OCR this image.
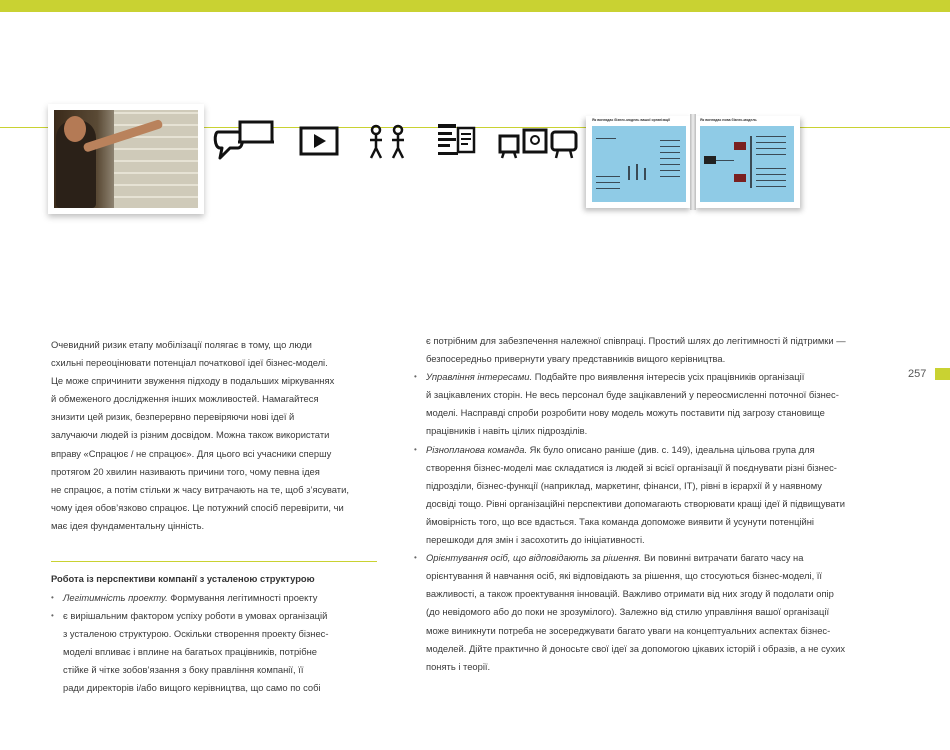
Як виглядає бізнес-модель вашої організації	Як виглядає нова бізнес-модель
257

Очевидний ризик етапу мобілізації полягає в тому, що люди

схильні переоцінювати потенціал початкової ідеї бізнес-моделі.

Це може спричинити звуження підходу в подальших міркуваннях

й обмеженого дослідження інших можливостей. Намагайтеся

знизити цей ризик, безперервно перевіряючи нові ідеї й

залучаючи людей із різним досвідом. Можна також використати

вправу «Спрацює / не спрацює». Для цього всі учасники спершу

протягом 20 хвилин називають причини того, чому певна ідея

не спрацює, а потім стільки ж часу витрачають на те, щоб з’ясувати,

чому ідея обов’язково спрацює. Це потужний спосіб перевірити, чи

має ідея фундаментальну цінність.

Робота із перспективи компанії з усталеною структурою

• Легітимність проекту. Формування легітимності проекту

• є вирішальним фактором успіху роботи в умовах організацій

з усталеною структурою. Оскільки створення проекту бізнес-

моделі впливає і вплине на багатьох працівників, потрібне

стійке й чітке зобов’язання з боку правління компанії, її

ради директорів і/або вищого керівництва, що само по собі

є потрібним для забезпечення належної співпраці. Простий шлях до легітимності й підтримки —

безпосередньо привернути увагу представників вищого керівництва.

• Управління інтересами. Подбайте про виявлення інтересів усіх працівників організації

й зацікавлених сторін. Не весь персонал буде зацікавлений у переосмисленні поточної бізнес-

моделі. Насправді спроби розробити нову модель можуть поставити під загрозу становище

працівників і навіть цілих підрозділів.

• Різнопланова команда. Як було описано раніше (див. с. 149), ідеальна цільова група для

створення бізнес-моделі має складатися із людей зі всієї організації й поєднувати різні бізнес-

підрозділи, бізнес-функції (наприклад, маркетинг, фінанси, ІТ), рівні в ієрархії й у наявному

досвіді тощо. Рівні організаційні перспективи допомагають створювати кращі ідеї й підвищувати

ймовірність того, що все вдасться. Така команда допоможе виявити й усунути потенційні

перешкоди для змін і засохотить до ініціативності.

• Орієнтування осіб, що відповідають за рішення. Ви повинні витрачати багато часу на

орієнтування й навчання осіб, які відповідають за рішення, що стосуються бізнес-моделі, її

важливості, а також проектування інновацій. Важливо отримати від них згоду й подолати опір

(до невідомого або до поки не зрозумілого). Залежно від стилю управління вашої організації

може виникнути потреба не зосереджувати багато уваги на концептуальних аспектах бізнес-

моделей. Дійте практично й доносьте свої ідеї за допомогою цікавих історій і образів, а не сухих

понять і теорії.
